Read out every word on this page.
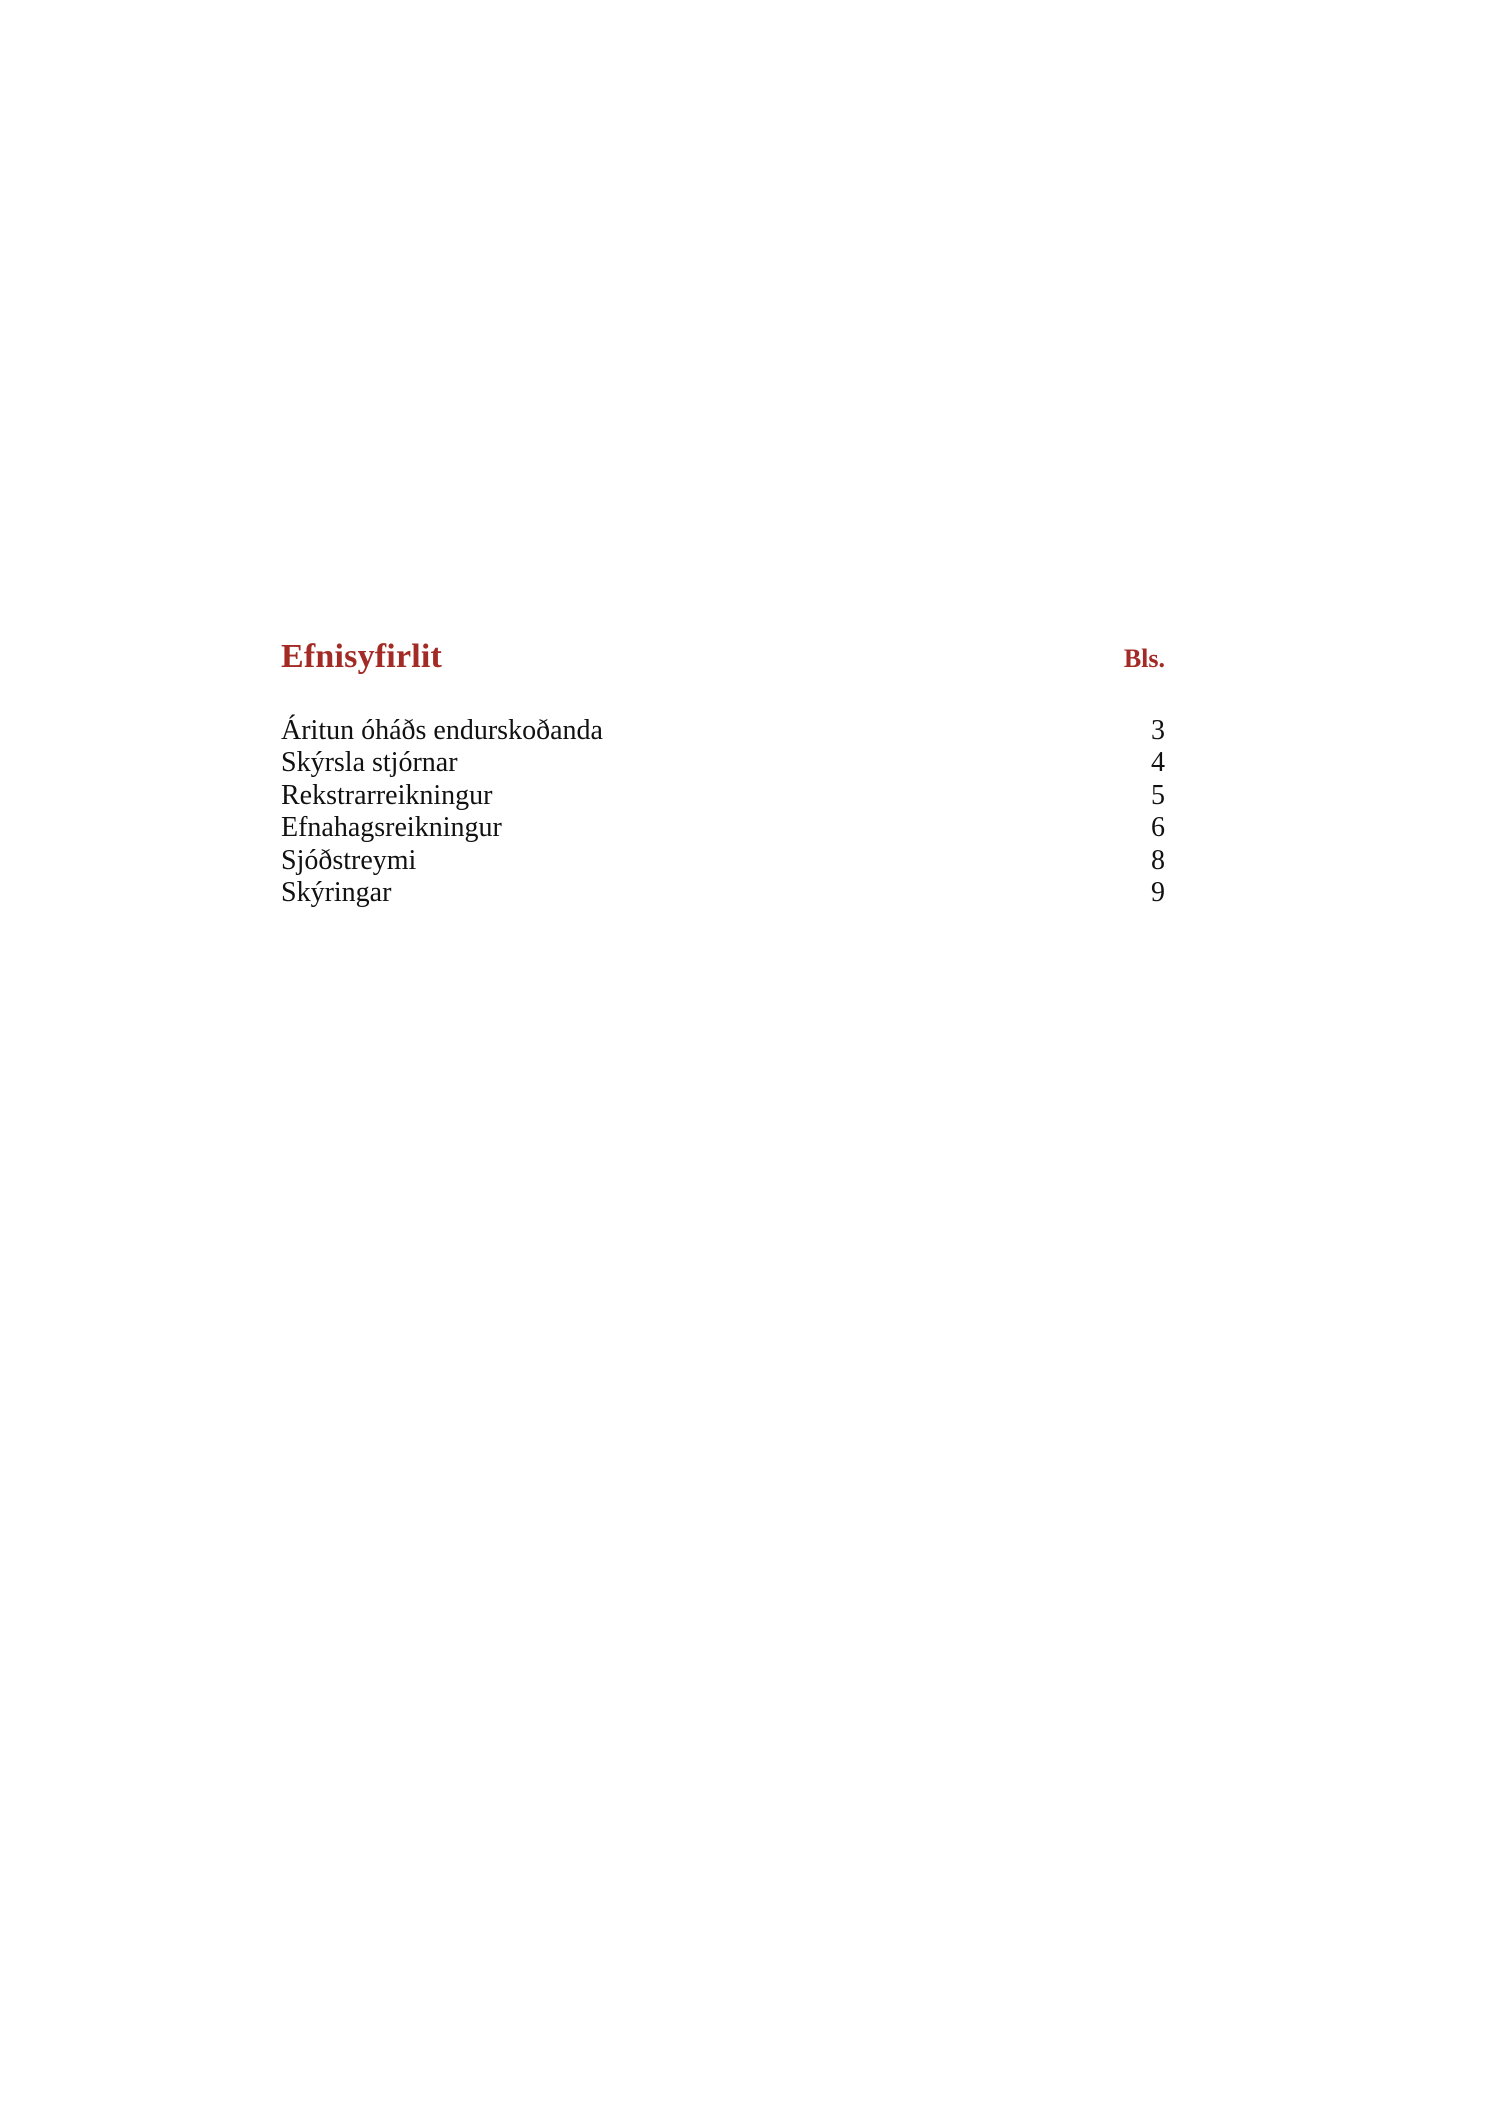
Efnisyfirlit	Bls.
Áritun óháðs endurskoðanda	3
Skýrsla stjórnar	4
Rekstrarreikningur	5
Efnahagsreikningur	6
Sjóðstreymi	8
Skýringar	9
